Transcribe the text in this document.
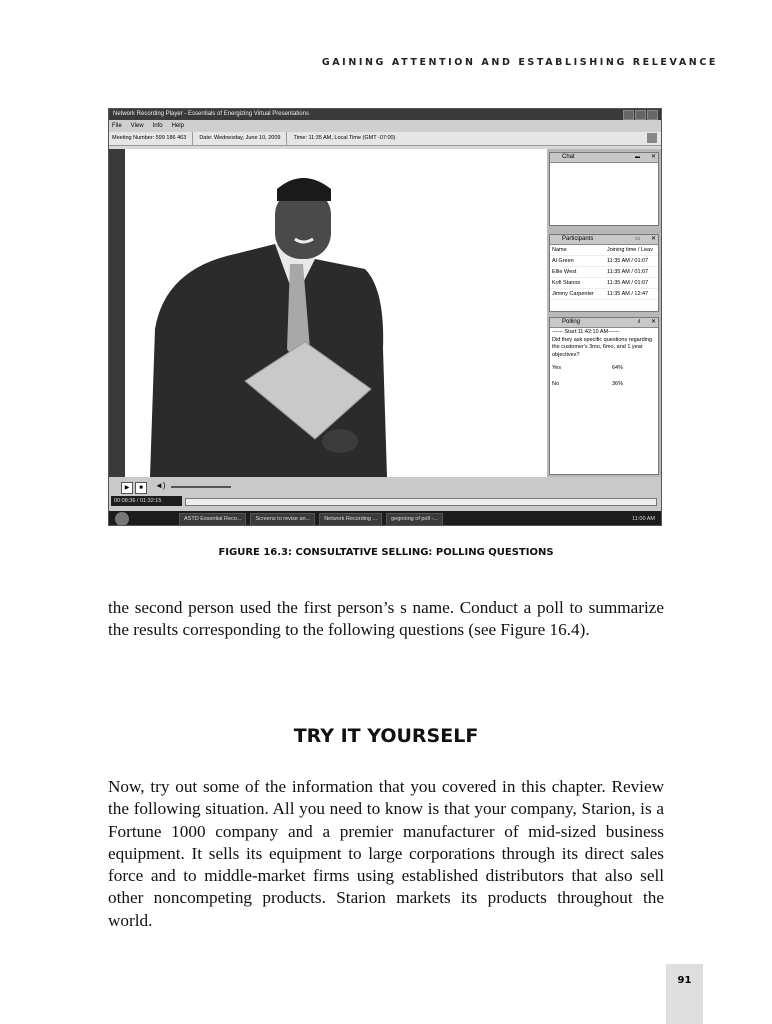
GAINING ATTENTION AND ESTABLISHING RELEVANCE
Network Recording Player - Essentials of Energizing Virtual Presentations
File View Info Help
Meeting Number: 599 186 463	Date: Wednesday, June 10, 2009	Time: 11:35 AM, Local Time (GMT -07:00)
Chat	▬ ✕
Participants	▭ ✕
Name	Joining time / Leav
Al Green	11:35 AM / 01:07
Ellie West	11:35 AM / 01:07
Kofi Stanos	11:35 AM / 01:07
Jimmy Carpenter	11:35 AM / 12:47
Polling	ıl ✕
------ Start:11:42:10 AM------
Did they ask specific questions regarding the customer's 3mo, 6mo, and 1 year objectives?
Yes	64%
No	36%
▶	■	◄)
00:08:36 / 01:32:15
ASTD Essential Reco...	Screens to revise an...	Network Recording ...	gegnning of poll -...	11:00 AM
FIGURE 16.3: CONSULTATIVE SELLING: POLLING QUESTIONS

the second person used the first person’s s name. Conduct a poll to summarize the results corresponding to the following questions (see Figure 16.4).

TRY IT YOURSELF

Now, try out some of the information that you covered in this chapter. Review the following situation. All you need to know is that your company, Starion, is a Fortune 1000 company and a premier manufacturer of mid-sized business equipment. It sells its equipment to large corporations through its direct sales force and to middle-market firms using established distributors that also sell other noncompeting products. Starion markets its products throughout the world.

91
